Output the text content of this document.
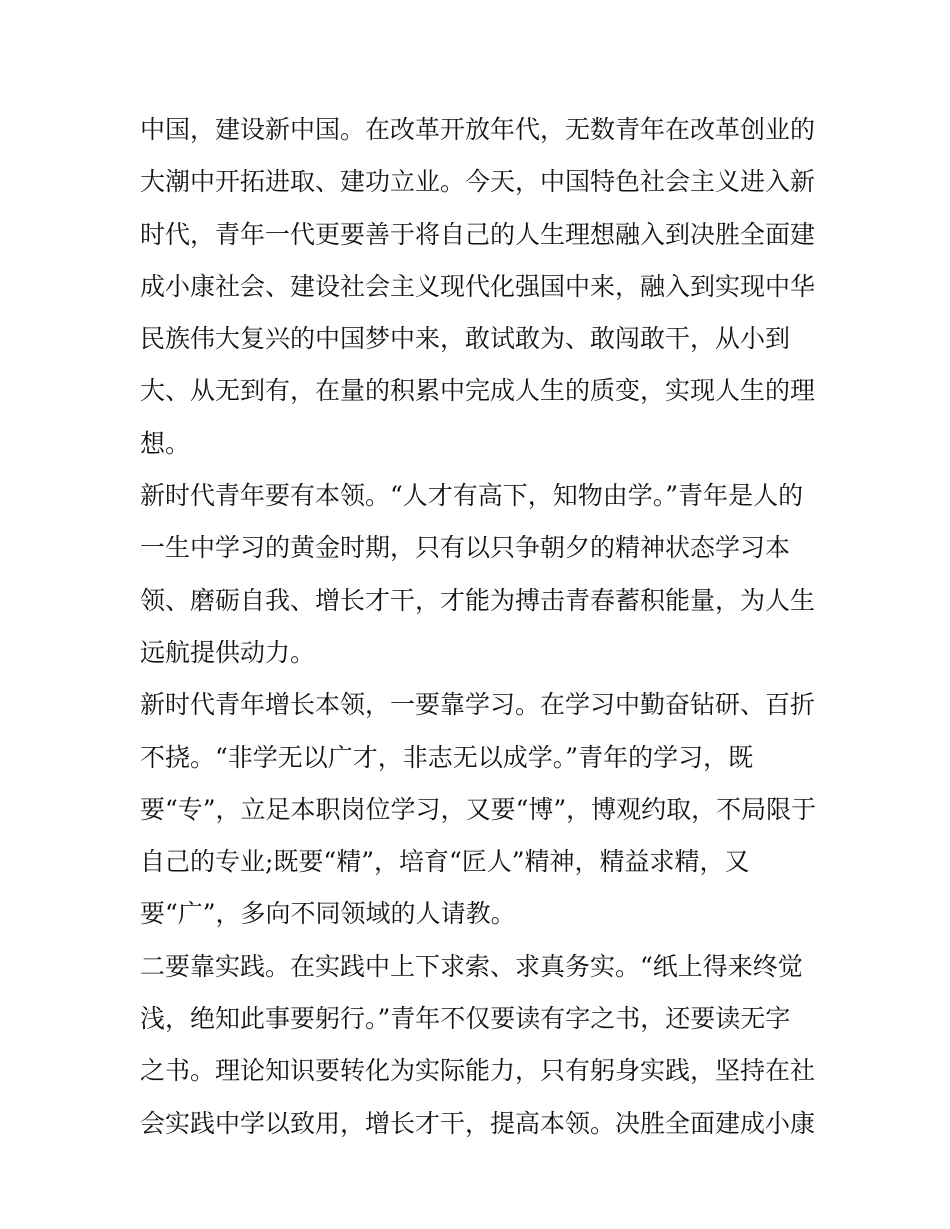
中国，建设新中国。在改革开放年代，无数青年在改革创业的
大潮中开拓进取、建功立业。今天，中国特色社会主义进入新
时代，青年一代更要善于将自己的人生理想融入到决胜全面建
成小康社会、建设社会主义现代化强国中来，融入到实现中华
民族伟大复兴的中国梦中来，敢试敢为、敢闯敢干，从小到
大、从无到有，在量的积累中完成人生的质变，实现人生的理
想。
新时代青年要有本领。“人才有高下，知物由学。”青年是人的
一生中学习的黄金时期，只有以只争朝夕的精神状态学习本
领、磨砺自我、增长才干，才能为搏击青春蓄积能量，为人生
远航提供动力。
新时代青年增长本领，一要靠学习。在学习中勤奋钻研、百折
不挠。“非学无以广才，非志无以成学。”青年的学习，既
要“专”，立足本职岗位学习，又要“博”，博观约取，不局限于
自己的专业;既要“精”，培育“匠人”精神，精益求精，又
要“广”，多向不同领域的人请教。
二要靠实践。在实践中上下求索、求真务实。“纸上得来终觉
浅，绝知此事要躬行。”青年不仅要读有字之书，还要读无字
之书。理论知识要转化为实际能力，只有躬身实践，坚持在社
会实践中学以致用，增长才干，提高本领。决胜全面建成小康
